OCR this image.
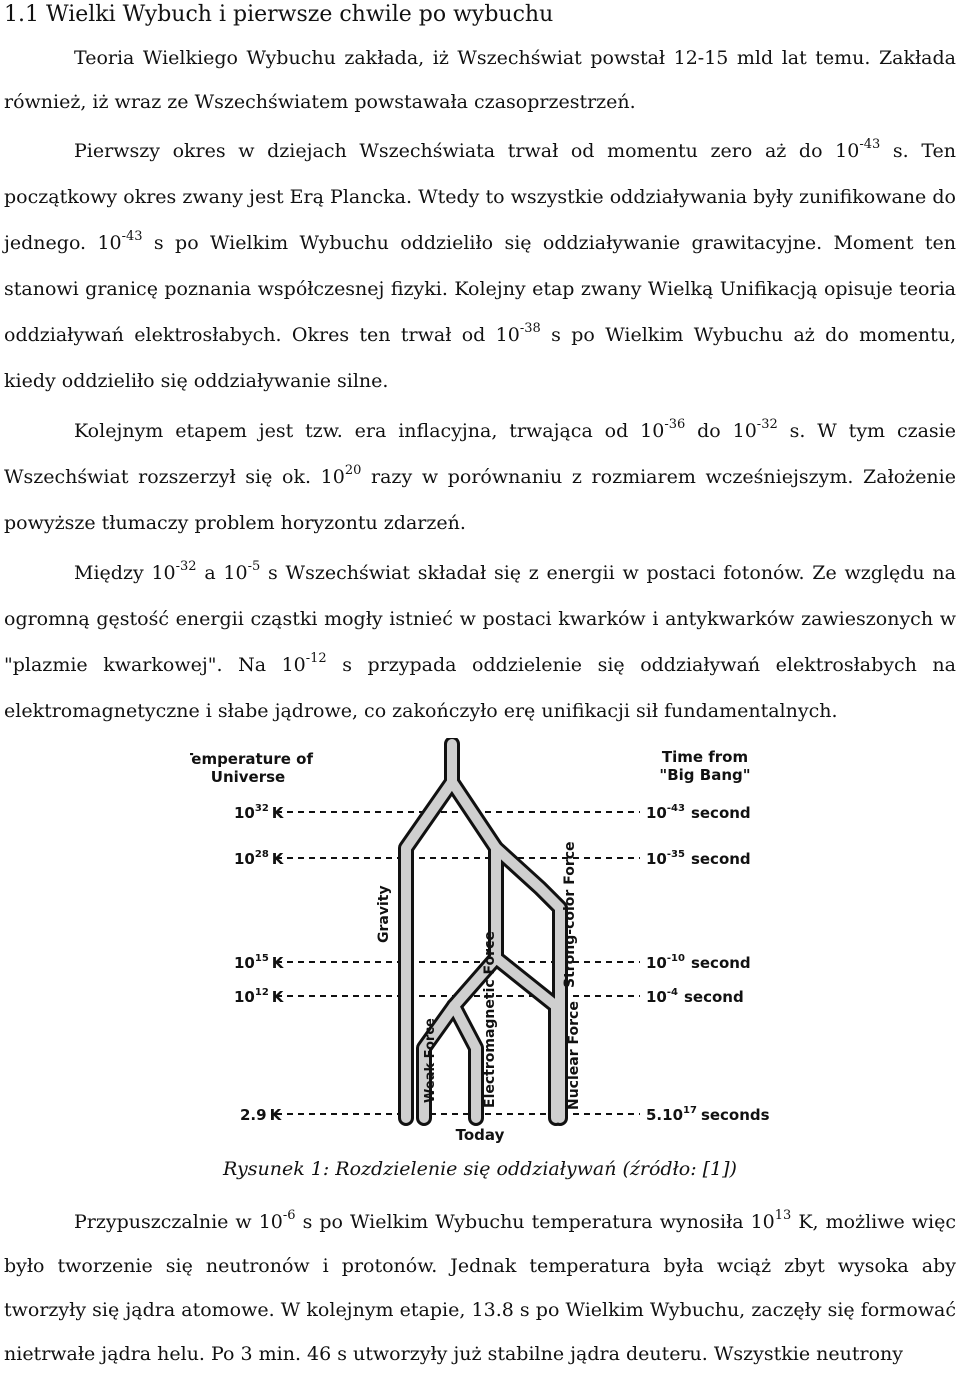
1.1 Wielki Wybuch i pierwsze chwile po wybuchu

Teoria Wielkiego Wybuchu zakłada, iż Wszechświat powstał 12-15 mld lat temu. Zakłada również, iż wraz ze Wszechświatem powstawała czasoprzestrzeń.

Pierwszy okres w dziejach Wszechświata trwał od momentu zero aż do $10^{-43}$ s. Ten początkowy okres zwany jest Erą Plancka. Wtedy to wszystkie oddziaływania były zunifikowane do jednego. $10^{-43}$ s po Wielkim Wybuchu oddzieliło się oddziaływanie grawitacyjne. Moment ten stanowi granicę poznania współczesnej fizyki. Kolejny etap zwany Wielką Unifikacją opisuje teoria oddziaływań elektrosłabych. Okres ten trwał od $10^{-38}$ s po Wielkim Wybuchu aż do momentu, kiedy oddzieliło się oddziaływanie silne.

Kolejnym etapem jest tzw. era inflacyjna, trwająca od $10^{-36}$ do $10^{-32}$ s. W tym czasie Wszechświat rozszerzył się ok. $10^{20}$ razy w porównaniu z rozmiarem wcześniejszym. Założenie powyższe tłumaczy problem horyzontu zdarzeń.

Między $10^{-32}$ a $10^{-5}$ s Wszechświat składał się z energii w postaci fotonów. Ze względu na ogromną gęstość energii cząstki mogły istnieć w postaci kwarków i antykwarków zawieszonych w "plazmie kwarkowej". Na $10^{-12}$ s przypada oddzielenie się oddziaływań elektrosłabych na elektromagnetyczne i słabe jądrowe, co zakończyło erę unifikacji sił fundamentalnych.

Temperature of
Universe
Time from
"Big Bang"
$10^{32}$ K
$10^{28}$ K
$10^{15}$ K
$10^{12}$ K
2.9 K
$10^{-43}$ second
$10^{-35}$ second
$10^{-10}$ second
$10^{-4}$ second
5.10$^{17}$ seconds
Gravity	Strong-color Force
Weak Force	Electromagnetic Force	Nuclear Force
Today
Rysunek 1: Rozdzielenie się oddziaływań (źródło: [1])

Przypuszczalnie w $10^{-6}$ s po Wielkim Wybuchu temperatura wynosiła $10^{13}$ K, możliwe więc było tworzenie się neutronów i protonów. Jednak temperatura była wciąż zbyt wysoka aby tworzyły się jądra atomowe. W kolejnym etapie, 13.8 s po Wielkim Wybuchu, zaczęły się formować nietrwałe jądra helu. Po 3 min. 46 s utworzyły już stabilne jądra deuteru. Wszystkie neutrony
